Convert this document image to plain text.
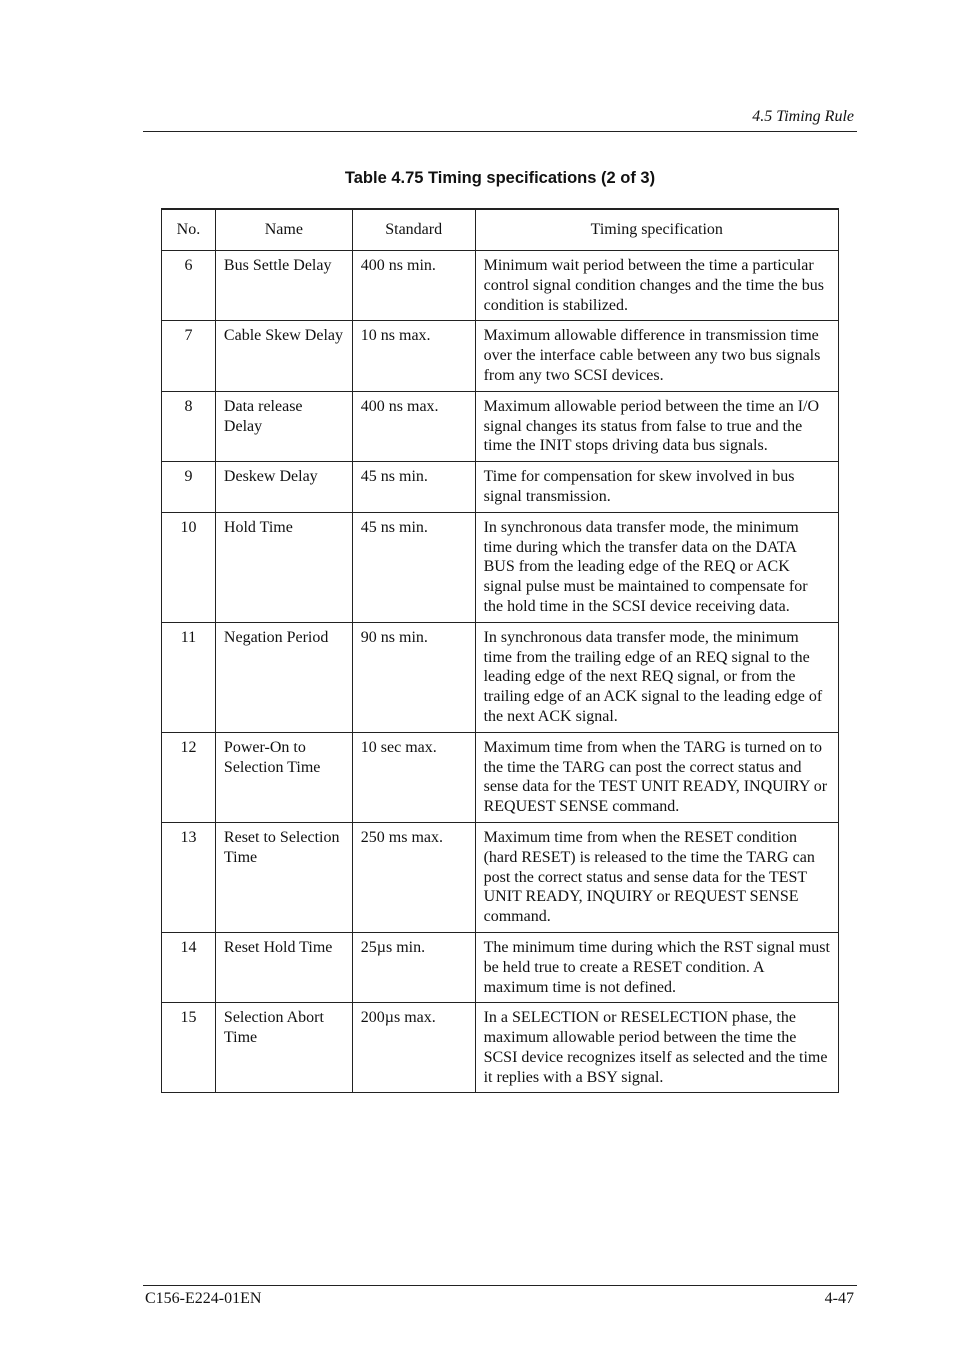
4.5 Timing Rule
Table 4.75 Timing specifications (2 of 3)
No.	Name	Standard	Timing specification
6	Bus Settle Delay	400 ns min.	Minimum wait period between the time a particular control signal condition changes and the time the bus condition is stabilized.
7	Cable Skew Delay	10 ns max.	Maximum allowable difference in transmission time over the interface cable between any two bus signals from any two SCSI devices.
8	Data release Delay	400 ns max.	Maximum allowable period between the time an I/O signal changes its status from false to true and the time the INIT stops driving data bus signals.
9	Deskew Delay	45 ns min.	Time for compensation for skew involved in bus signal transmission.
10	Hold Time	45 ns min.	In synchronous data transfer mode, the minimum time during which the transfer data on the DATA BUS from the leading edge of the REQ or ACK signal pulse must be maintained to compensate for the hold time in the SCSI device receiving data.
11	Negation Period	90 ns min.	In synchronous data transfer mode, the minimum time from the trailing edge of an REQ signal to the leading edge of the next REQ signal, or from the trailing edge of an ACK signal to the leading edge of the next ACK signal.
12	Power-On to Selection Time	10 sec max.	Maximum time from when the TARG is turned on to the time the TARG can post the correct status and sense data for the TEST UNIT READY, INQUIRY or REQUEST SENSE command.
13	Reset to Selection Time	250 ms max.	Maximum time from when the RESET condition (hard RESET) is released to the time the TARG can post the correct status and sense data for the TEST UNIT READY, INQUIRY or REQUEST SENSE command.
14	Reset Hold Time	25µs min.	The minimum time during which the RST signal must be held true to create a RESET condition. A maximum time is not defined.
15	Selection Abort Time	200µs max.	In a SELECTION or RESELECTION phase, the maximum allowable period between the time the SCSI device recognizes itself as selected and the time it replies with a BSY signal.
C156-E224-01EN	4-47
